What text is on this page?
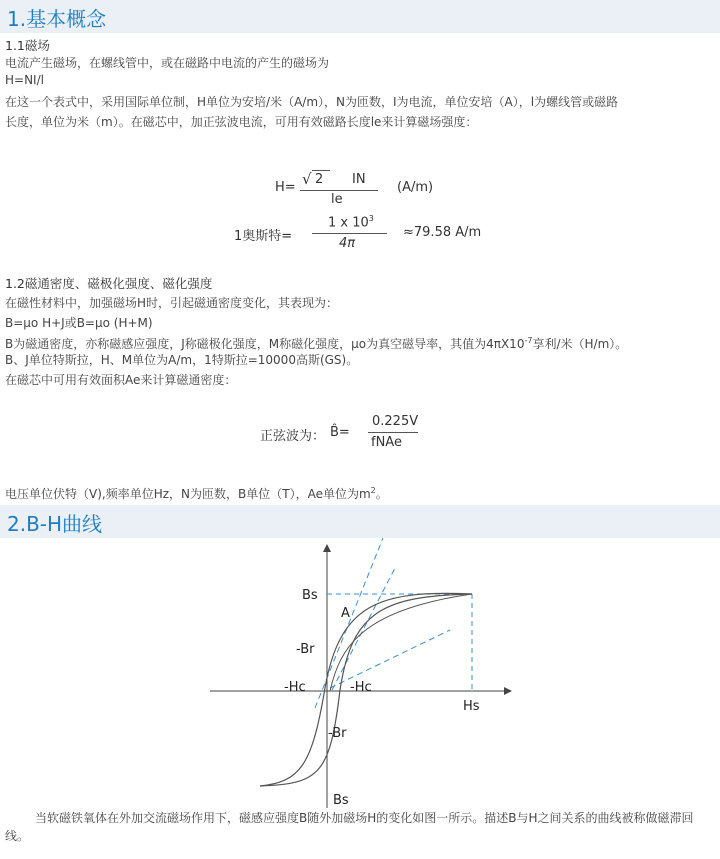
1.基本概念
1.1磁场
电流产生磁场，在螺线管中，或在磁路中电流的产生的磁场为
H=NI/l
在这一个表式中，采用国际单位制，H单位为安培/米（A/m），N为匝数，I为电流，单位安培（A），l为螺线管或磁路
长度，单位为米（m）。在磁芯中，加正弦波电流，可用有效磁路长度le来计算磁场强度：
H= √ 2 IN
le
(A/m)
1奥斯特=
1 x $10^3$
4π
≈79.58 A/m
1.2磁通密度、磁极化强度、磁化强度
在磁性材料中，加强磁场H时，引起磁通密度变化，其表现为：
B=μo H+J或B=μo (H+M)
B为磁通密度，亦称磁感应强度，J称磁极化强度，M称磁化强度，μo为真空磁导率，其值为$4\pi X10^{-7}$享利/米（H/m）。
B、J单位特斯拉，H、M单位为A/m，1特斯拉=10000高斯(GS)。
在磁芯中可用有效面积Ae来计算磁通密度：
正弦波为： B̂=
0.225V
fNAe
电压单位伏特（V),频率单位Hz，N为匝数，B单位（T），Ae单位为$m^2$。
2.B-H曲线
Bs
A
-Br
-Hc	-Hc
Hs
-Br
Bs
当软磁铁氧体在外加交流磁场作用下，磁感应强度B随外加磁场H的变化如图一所示。描述B与H之间关系的曲线被称做磁滞回线。
